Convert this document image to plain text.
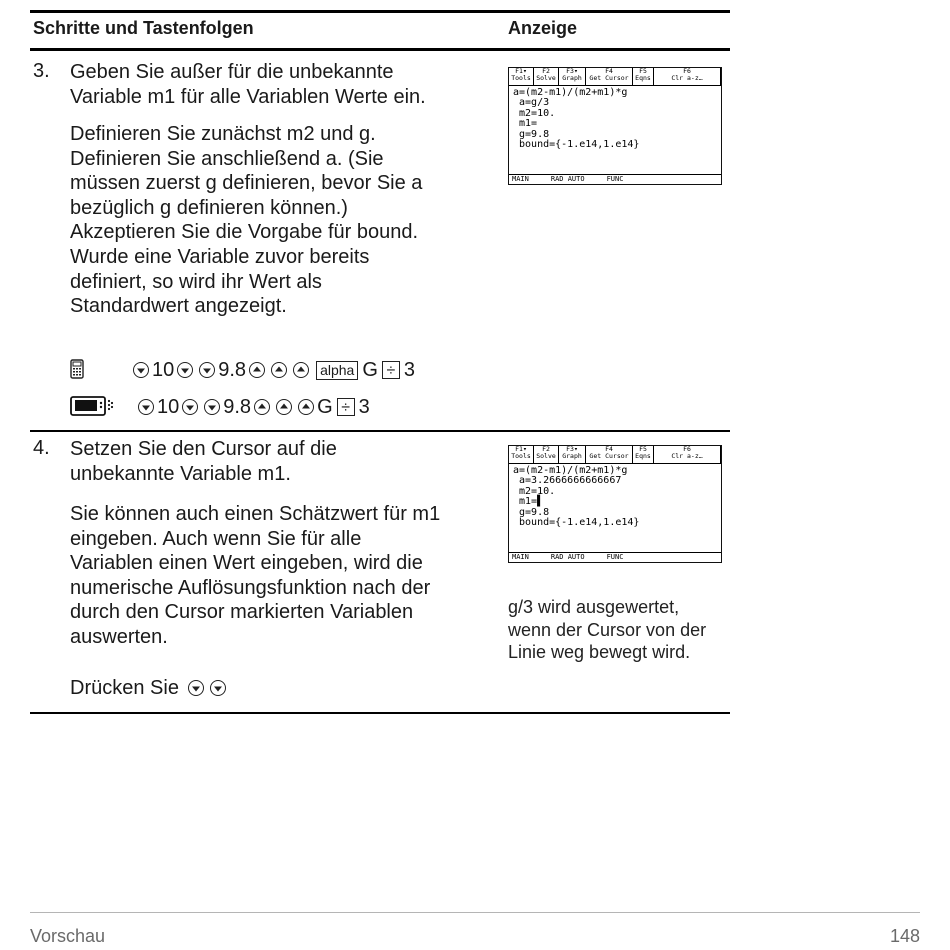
Schritte und Tastenfolgen	Anzeige
3. Geben Sie außer für die unbekannte
Variable m1 für alle Variablen Werte ein.
Definieren Sie zunächst m2 und g.
Definieren Sie anschließend a. (Sie
müssen zuerst g definieren, bevor Sie a
bezüglich g definieren können.)
Akzeptieren Sie die Vorgabe für bound.
Wurde eine Variable zuvor bereits
definiert, so wird ihr Wert als
Standardwert angezeigt.
10 9.8	alpha G ÷ 3
10 9.8	G ÷ 3
F1▾
Tools
F2
Solve
F3▾
Graph
F4
Get Cursor
F5
Eqns
F6
Clr a-z…
a=(m2-m1)/(m2+m1)*g
a=g/3
m2=10.
m1=
g=9.8
bound={-1.e14,1.e14}
MAIN	RAD AUTO	FUNC
4. Setzen Sie den Cursor auf die
unbekannte Variable m1.
Sie können auch einen Schätzwert für m1
eingeben. Auch wenn Sie für alle
Variablen einen Wert eingeben, wird die
numerische Auflösungsfunktion nach der
durch den Cursor markierten Variablen
auswerten.
Drücken Sie
F1▾
Tools
F2
Solve
F3▾
Graph
F4
Get Cursor
F5
Eqns
F6
Clr a-z…
a=(m2-m1)/(m2+m1)*g
a=3.2666666666667
m2=10.
m1=▌
g=9.8
bound={-1.e14,1.e14}
MAIN	RAD AUTO	FUNC
g/3 wird ausgewertet, wenn der Cursor von der Linie weg bewegt wird.
Vorschau	148
